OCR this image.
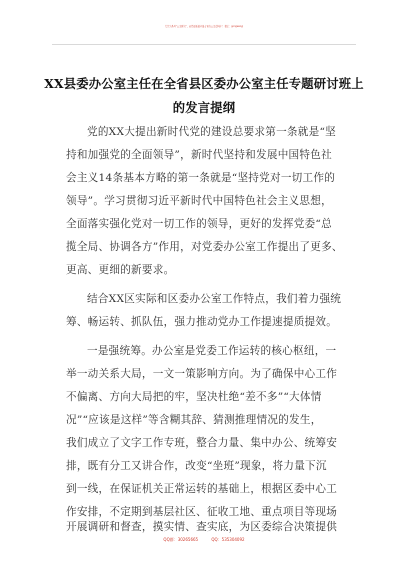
关注头条号“公文研究”，获得最新最全最专业的公文资料库！ 微信：gongwenyj
XX县委办公室主任在全省县区委办公室主任专题研讨班上
的发言提纲
党的XX大提出新时代党的建设总要求第一条就是“坚
持和加强党的全面领导”，新时代坚持和发展中国特色社
会主义14条基本方略的第一条就是“坚持党对一切工作的
领导”。学习贯彻习近平新时代中国特色社会主义思想，
全面落实强化党对一切工作的领导，更好的发挥党委“总
揽全局、协调各方”作用，对党委办公室工作提出了更多、
更高、更细的新要求。
结合XX区实际和区委办公室工作特点，我们着力强统
筹、畅运转、抓队伍，强力推动党办工作提速提质提效。
一是强统筹。办公室是党委工作运转的核心枢纽，一
举一动关系大局，一文一策影响方向。为了确保中心工作
不偏离、方向大局把的牢，坚决杜绝“差不多”“大体情
况”“应该是这样”等含糊其辞、猜测推理情况的发生，
我们成立了文字工作专班，整合力量、集中办公、统筹安
排，既有分工又讲合作，改变“坐班”现象，将力量下沉
到一线，在保证机关正常运转的基础上，根据区委中心工
作安排，不定期到基层社区、征收工地、重点项目等现场
开展调研和督查，摸实情、查实底，为区委综合决策提供
QQ群：30265665	QQ：535304092
